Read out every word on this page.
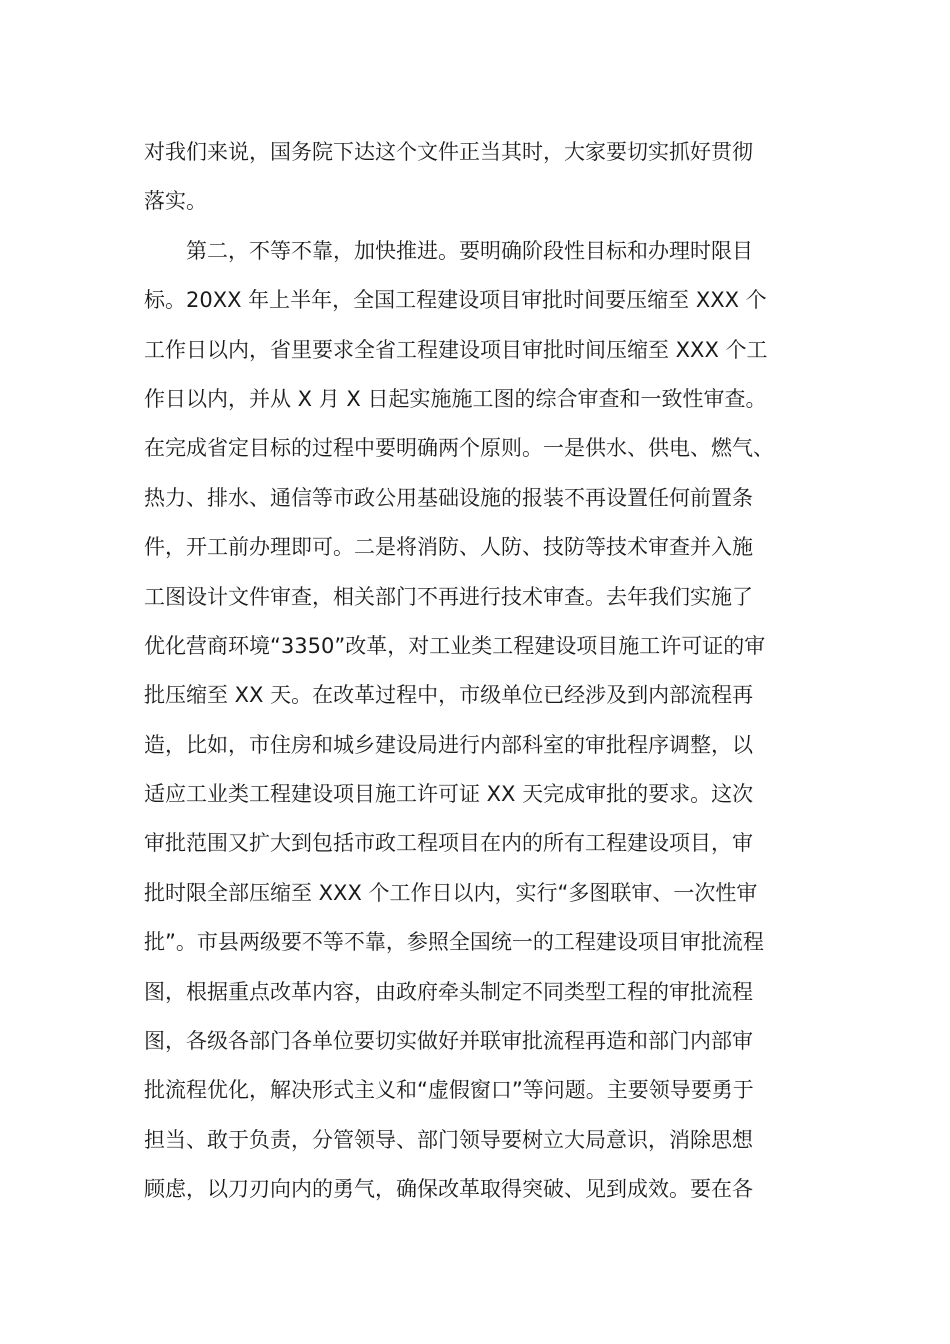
对我们来说，国务院下达这个文件正当其时，大家要切实抓好贯彻
落实。
　　第二，不等不靠，加快推进。要明确阶段性目标和办理时限目
标。20XX 年上半年，全国工程建设项目审批时间要压缩至 XXX 个
工作日以内，省里要求全省工程建设项目审批时间压缩至 XXX 个工
作日以内，并从 X 月 X 日起实施施工图的综合审查和一致性审查。
在完成省定目标的过程中要明确两个原则。一是供水、供电、燃气、
热力、排水、通信等市政公用基础设施的报装不再设置任何前置条
件，开工前办理即可。二是将消防、人防、技防等技术审查并入施
工图设计文件审查，相关部门不再进行技术审查。去年我们实施了
优化营商环境“3350”改革，对工业类工程建设项目施工许可证的审
批压缩至 XX 天。在改革过程中，市级单位已经涉及到内部流程再
造，比如，市住房和城乡建设局进行内部科室的审批程序调整，以
适应工业类工程建设项目施工许可证 XX 天完成审批的要求。这次
审批范围又扩大到包括市政工程项目在内的所有工程建设项目，审
批时限全部压缩至 XXX 个工作日以内，实行“多图联审、一次性审
批”。市县两级要不等不靠，参照全国统一的工程建设项目审批流程
图，根据重点改革内容，由政府牵头制定不同类型工程的审批流程
图，各级各部门各单位要切实做好并联审批流程再造和部门内部审
批流程优化，解决形式主义和“虚假窗口”等问题。主要领导要勇于
担当、敢于负责，分管领导、部门领导要树立大局意识，消除思想
顾虑，以刀刃向内的勇气，确保改革取得突破、见到成效。要在各
